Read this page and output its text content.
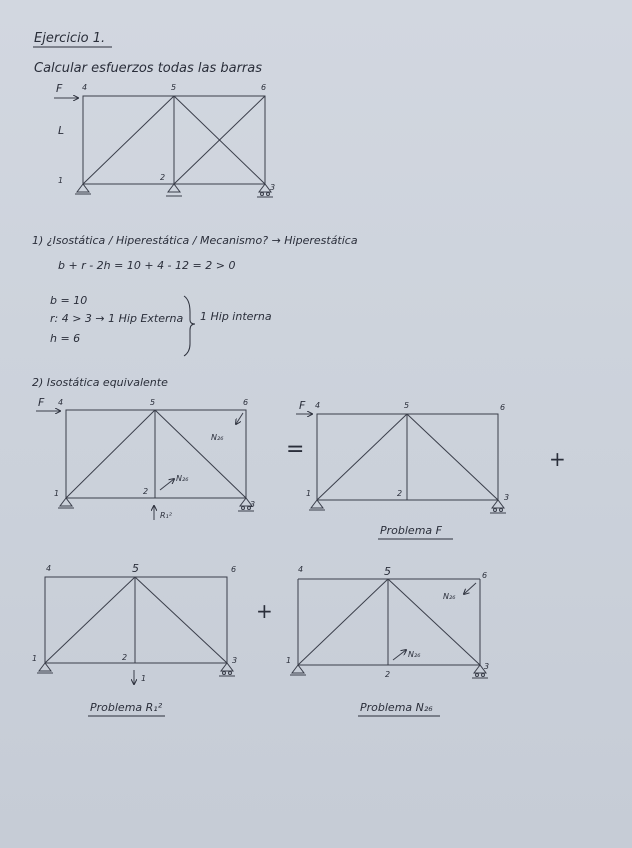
Ejercicio 1.
Calcular esfuerzos todas las barras
F
L
1	2
3
4	5	6
1) ¿Isostática / Hiperestática / Mecanismo? → Hiperestática
b + r - 2h = 10 + 4 - 12 = 2 > 0
b = 10
r: 4 > 3 → 1 Hip Externa
h = 6
1 Hip interna
2) Isostática equivalente
F 4	5	6
1	2
3
N₂₆
N₂₆
R₁²
=
F 4	5	6
1	2	3
Problema F
+
4	5	6
1	2	3
1
Problema R₁²
+
4	5	6
1
2
3
N₂₆
N₂₆
Problema N₂₆
